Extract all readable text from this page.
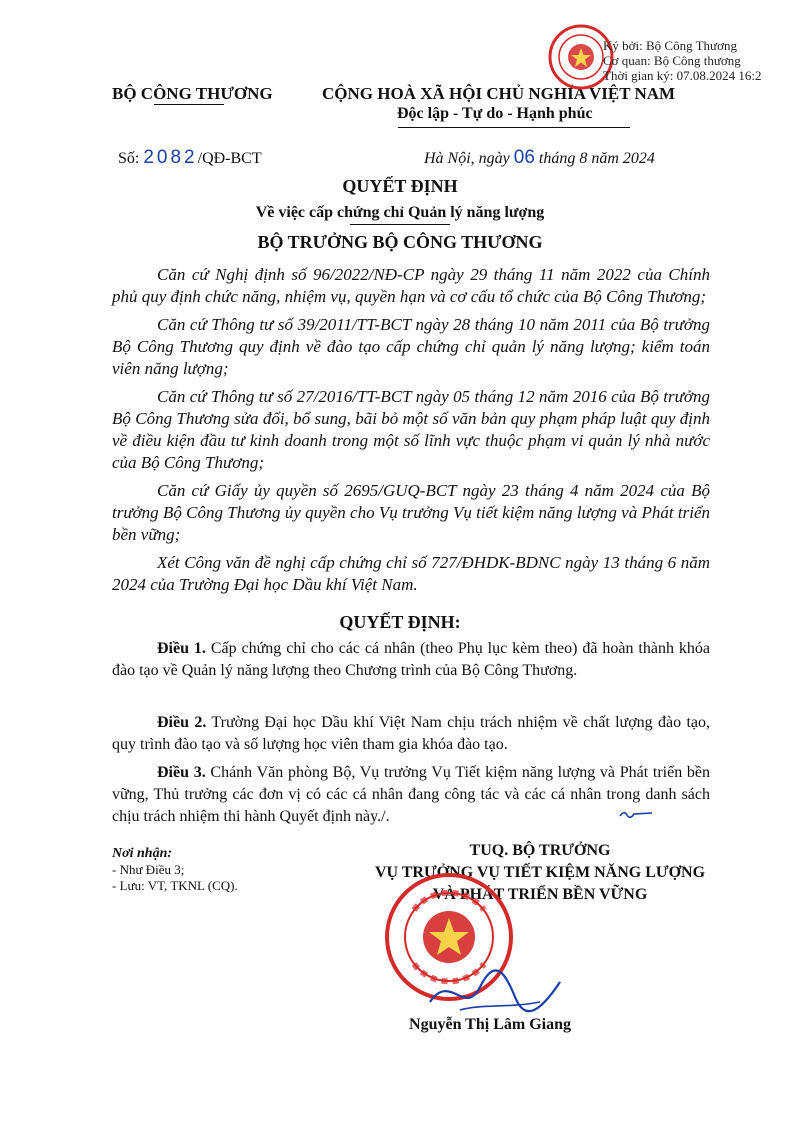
BỘ CÔNG THƯƠNG	CỘNG HOÀ XÃ HỘI CHỦ NGHĨA VIỆT NAM
Độc lập - Tự do - Hạnh phúc
Ký bởi: Bộ Công Thương
Cơ quan: Bộ Công thương
Thời gian ký: 07.08.2024 16:2
Số: 2082/QĐ-BCT	Hà Nội, ngày 06 tháng 8 năm 2024
QUYẾT ĐỊNH
Về việc cấp chứng chỉ Quản lý năng lượng
BỘ TRƯỞNG BỘ CÔNG THƯƠNG

Căn cứ Nghị định số 96/2022/NĐ-CP ngày 29 tháng 11 năm 2022 của Chính phủ quy định chức năng, nhiệm vụ, quyền hạn và cơ cấu tổ chức của Bộ Công Thương;

Căn cứ Thông tư số 39/2011/TT-BCT ngày 28 tháng 10 năm 2011 của Bộ trưởng Bộ Công Thương quy định về đào tạo cấp chứng chỉ quản lý năng lượng; kiểm toán viên năng lượng;

Căn cứ Thông tư số 27/2016/TT-BCT ngày 05 tháng 12 năm 2016 của Bộ trưởng Bộ Công Thương sửa đổi, bổ sung, bãi bỏ một số văn bản quy phạm pháp luật quy định về điều kiện đầu tư kinh doanh trong một số lĩnh vực thuộc phạm vi quản lý nhà nước của Bộ Công Thương;

Căn cứ Giấy ủy quyền số 2695/GUQ-BCT ngày 23 tháng 4 năm 2024 của Bộ trưởng Bộ Công Thương ủy quyền cho Vụ trưởng Vụ tiết kiệm năng lượng và Phát triển bền vững;

Xét Công văn đề nghị cấp chứng chỉ số 727/ĐHDK-BDNC ngày 13 tháng 6 năm 2024 của Trường Đại học Dầu khí Việt Nam.

QUYẾT ĐỊNH:

Điều 1. Cấp chứng chỉ cho các cá nhân (theo Phụ lục kèm theo) đã hoàn thành khóa đào tạo về Quản lý năng lượng theo Chương trình của Bộ Công Thương.

Điều 2. Trường Đại học Dầu khí Việt Nam chịu trách nhiệm về chất lượng đào tạo, quy trình đào tạo và số lượng học viên tham gia khóa đào tạo.

Điều 3. Chánh Văn phòng Bộ, Vụ trưởng Vụ Tiết kiệm năng lượng và Phát triển bền vững, Thủ trưởng các đơn vị có các cá nhân đang công tác và các cá nhân trong danh sách chịu trách nhiệm thi hành Quyết định này./.

Nơi nhận:
- Như Điều 3;
- Lưu: VT, TKNL (CQ).
TUQ. BỘ TRƯỞNG
VỤ TRƯỞNG VỤ TIẾT KIỆM NĂNG LƯỢNG
VÀ PHÁT TRIỂN BỀN VỮNG
Nguyễn Thị Lâm Giang
